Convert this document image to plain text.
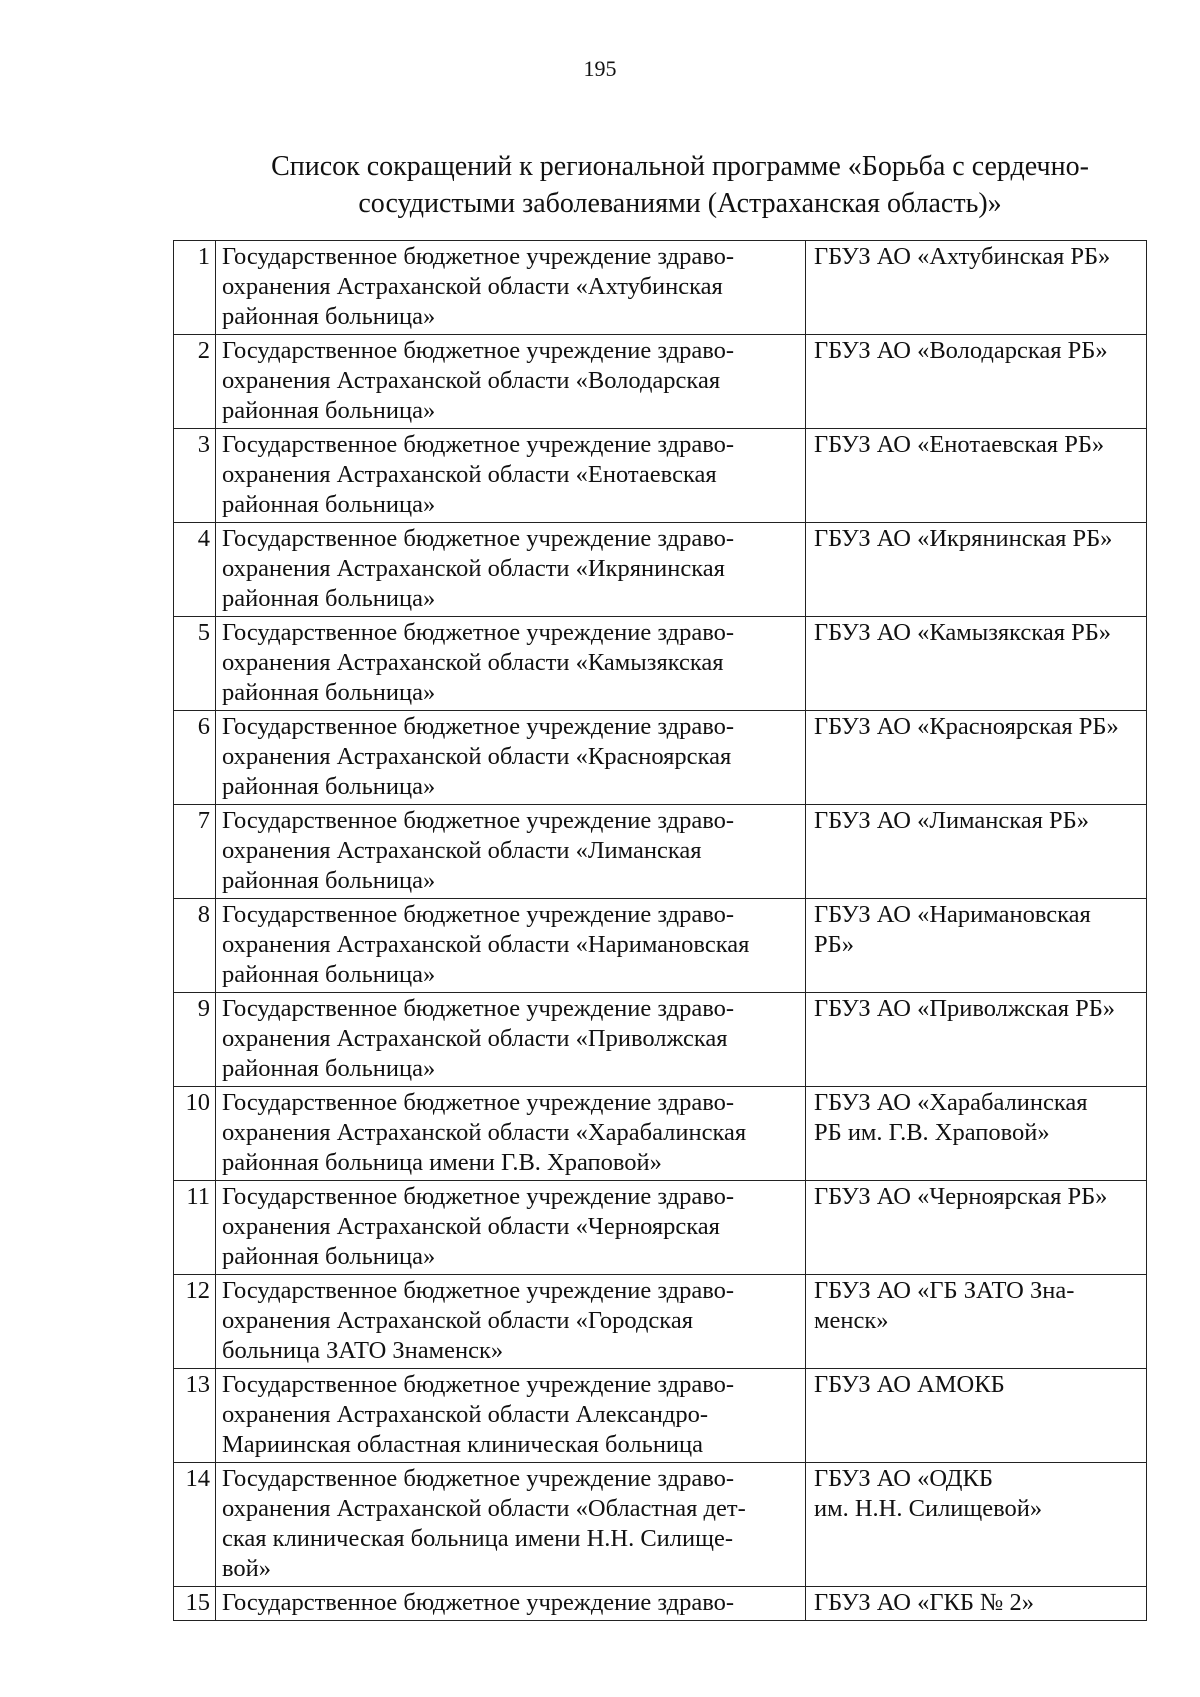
195
Список сокращений к региональной программе «Борьба с сердечно-
сосудистыми заболеваниями (Астраханская область)»
1	Государственное бюджетное учреждение здраво-
охранения Астраханской области «Ахтубинская
районная больница»	ГБУЗ АО «Ахтубинская РБ»

2	Государственное бюджетное учреждение здраво-
охранения Астраханской области «Володарская
районная больница»	ГБУЗ АО «Володарская РБ»

3	Государственное бюджетное учреждение здраво-
охранения Астраханской области «Енотаевская
районная больница»	ГБУЗ АО «Енотаевская РБ»

4	Государственное бюджетное учреждение здраво-
охранения Астраханской области «Икрянинская
районная больница»	ГБУЗ АО «Икрянинская РБ»

5	Государственное бюджетное учреждение здраво-
охранения Астраханской области «Камызякская
районная больница»	ГБУЗ АО «Камызякская РБ»

6	Государственное бюджетное учреждение здраво-
охранения Астраханской области «Красноярская
районная больница»	ГБУЗ АО «Красноярская РБ»

7	Государственное бюджетное учреждение здраво-
охранения Астраханской области «Лиманская
районная больница»	ГБУЗ АО «Лиманская РБ»

8	Государственное бюджетное учреждение здраво-
охранения Астраханской области «Наримановская
районная больница»	ГБУЗ АО «Наримановская
РБ»

9	Государственное бюджетное учреждение здраво-
охранения Астраханской области «Приволжская
районная больница»	ГБУЗ АО «Приволжская РБ»

10	Государственное бюджетное учреждение здраво-
охранения Астраханской области «Харабалинская
районная больница имени Г.В. Храповой»	ГБУЗ АО «Харабалинская
РБ им. Г.В. Храповой»

11	Государственное бюджетное учреждение здраво-
охранения Астраханской области «Черноярская
районная больница»	ГБУЗ АО «Черноярская РБ»

12	Государственное бюджетное учреждение здраво-
охранения Астраханской области «Городская
больница ЗАТО Знаменск»	ГБУЗ АО «ГБ ЗАТО Зна-
менск»

13	Государственное бюджетное учреждение здраво-
охранения Астраханской области Александро-
Мариинская областная клиническая больница	ГБУЗ АО АМОКБ

14	Государственное бюджетное учреждение здраво-
охранения Астраханской области «Областная дет-
ская клиническая больница имени Н.Н. Силище-
вой»	ГБУЗ АО «ОДКБ
им. Н.Н. Силищевой»

15	Государственное бюджетное учреждение здраво-	ГБУЗ АО «ГКБ № 2»
